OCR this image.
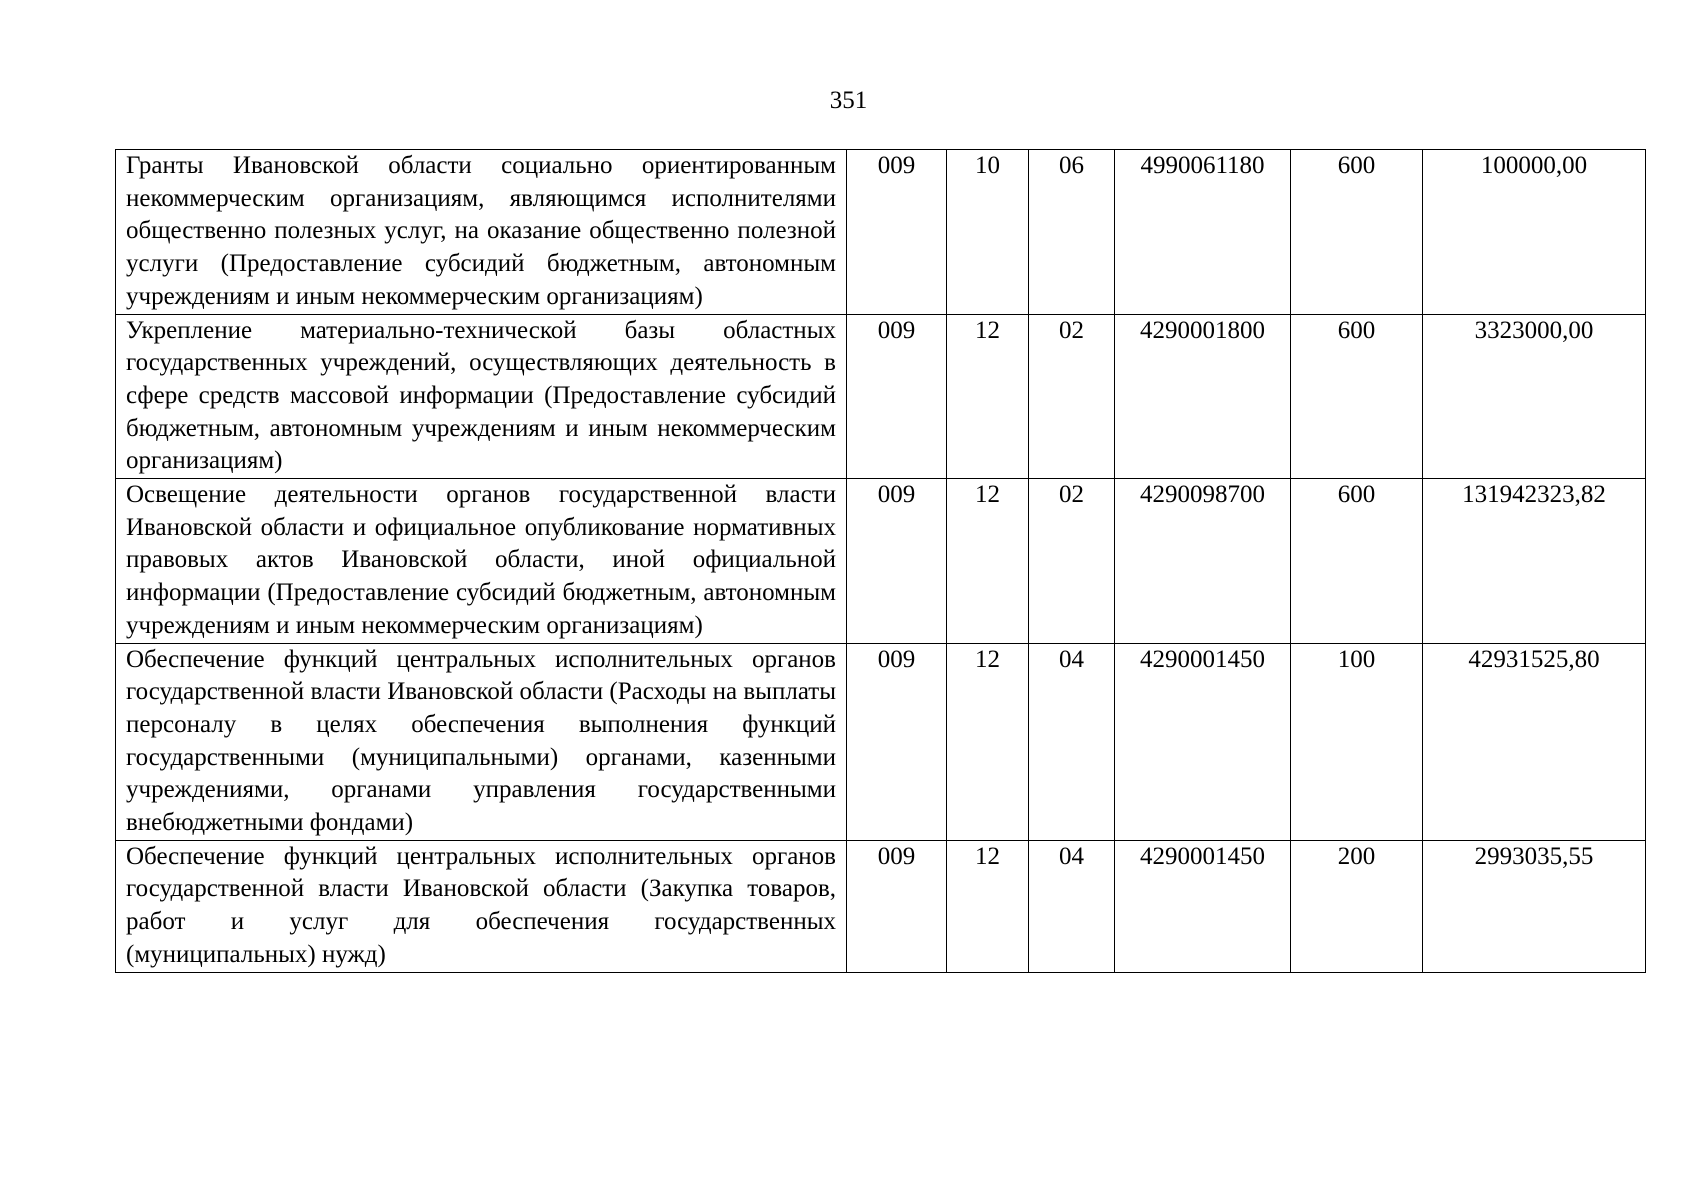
351
Гранты Ивановской области социально ориентированным некоммерческим организациям, являющимся исполнителями общественно полезных услуг, на оказание общественно полезной услуги (Предоставление субсидий бюджетным, автономным учреждениям и иным некоммерческим организациям)	009	10	06	4990061180	600	100000,00
Укрепление материально-технической базы областных государственных учреждений, осуществляющих деятельность в сфере средств массовой информации (Предоставление субсидий бюджетным, автономным учреждениям и иным некоммерческим организациям)	009	12	02	4290001800	600	3323000,00
Освещение деятельности органов государственной власти Ивановской области и официальное опубликование нормативных правовых актов Ивановской области, иной официальной информации (Предоставление субсидий бюджетным, автономным учреждениям и иным некоммерческим организациям)	009	12	02	4290098700	600	131942323,82
Обеспечение функций центральных исполнительных органов государственной власти Ивановской области (Расходы на выплаты персоналу в целях обеспечения выполнения функций государственными (муниципальными) органами, казенными учреждениями, органами управления государственными внебюджетными фондами)	009	12	04	4290001450	100	42931525,80
Обеспечение функций центральных исполнительных органов государственной власти Ивановской области (Закупка товаров, работ и услуг для обеспечения государственных (муниципальных) нужд)	009	12	04	4290001450	200	2993035,55
